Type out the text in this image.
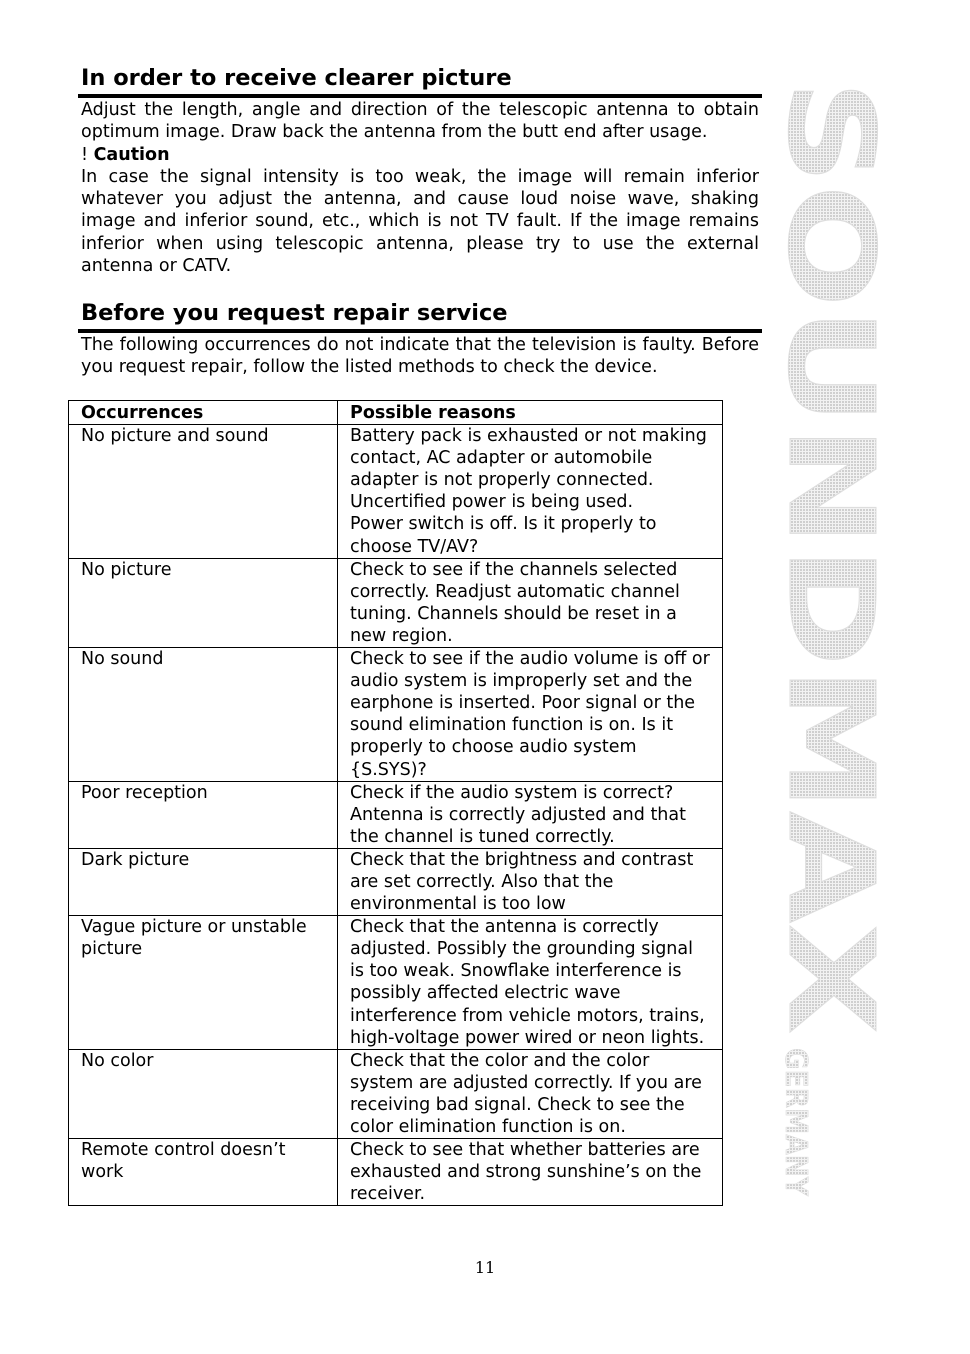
In order to receive clearer picture

Adjust the length, angle and direction of the telescopic antenna to obtain optimum image. Draw back the antenna from the butt end after usage.

! Caution

In case the signal intensity is too weak, the image will remain inferior whatever you adjust the antenna, and cause loud noise wave, shaking image and inferior sound, etc., which is not TV fault. If the image remains inferior when using telescopic antenna, please try to use the external antenna or CATV.

Before you request repair service

The following occurrences do not indicate that the television is faulty. Before you request repair, follow the listed methods to check the device.

Occurrences	Possible reasons
No picture and sound	Battery pack is exhausted or not making contact, AC adapter or automobile adapter is not properly connected. Uncertified power is being used.
Power switch is off. Is it properly to choose TV/AV?

No picture	Check to see if the channels selected correctly. Readjust automatic channel tuning. Channels should be reset in a new region.
No sound	Check to see if the audio volume is off or audio system is improperly set and the earphone is inserted. Poor signal or the sound elimination function is on. Is it properly to choose audio system {S.SYS)?
Poor reception	Check if the audio system is correct? Antenna is correctly adjusted and that the channel is tuned correctly.
Dark picture	Check that the brightness and contrast are set correctly. Also that the environmental is too low
Vague picture or unstable picture	Check that the antenna is correctly adjusted. Possibly the grounding signal is too weak. Snowflake interference is possibly affected electric wave interference from vehicle motors, trains, high-voltage power wired or neon lights.
No color	Check that the color and the color system are adjusted correctly. If you are receiving bad signal. Check to see the color elimination function is on.
Remote control doesn’t work	Check to see that whether batteries are exhausted and strong sunshine’s on the receiver.
11
SOUNDMAX
GERMANY
